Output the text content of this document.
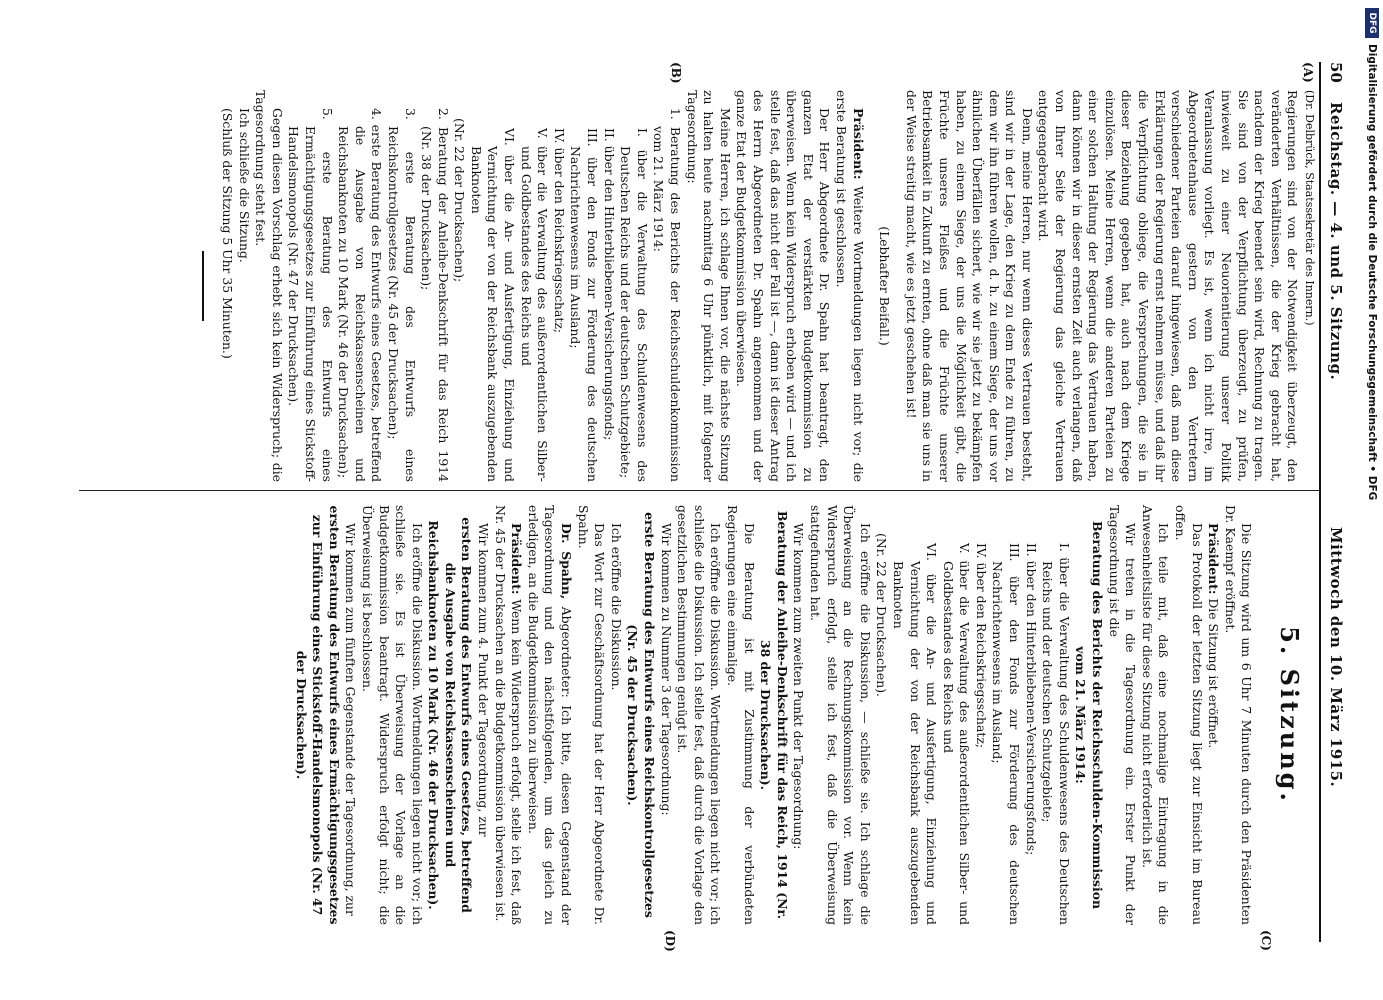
DFG
Digitalisierung gefördert durch die Deutsche Forschungsgemeinschaft • DFG
50
Reichstag. — 4. und 5. Sitzung.
Mittwoch den 10. März 1915.
(A)
(B)
(C)
(D)

(Dr. Delbrück, Staatssekretär des Innern.)

Regierungen sind von der Notwendigkeit überzeugt, den veränderten Verhältnissen, die der Krieg gebracht hat, nachdem der Krieg beendet sein wird, Rechnung zu tragen. Sie sind von der Verpflichtung überzeugt, zu prüfen, inwieweit zu einer Neuorientierung unserer Politik Veranlassung vorliegt. Es ist, wenn ich nicht irre, im Abgeordnetenhause gestern von den Vertretern verschiedener Parteien darauf hingewiesen, daß man diese Erklärungen der Regierung ernst nehmen müsse, und daß ihr die Verpflichtung obliege, die Versprechungen, die sie in dieser Beziehung gegeben hat, auch nach dem Kriege einzulösen. Meine Herren, wenn die anderen Parteien zu einer solchen Haltung der Regierung das Vertrauen haben, dann können wir in dieser ernsten Zeit auch verlangen, daß von Ihrer Seite der Regierung das gleiche Vertrauen entgegengebracht wird.

Denn, meine Herren, nur wenn dieses Vertrauen besteht, sind wir in der Lage, den Krieg zu dem Ende zu führen, zu dem wir ihn führen wollen, d. h. zu einem Siege, der uns vor ähnlichen Überfällen sichert, wie wir sie jetzt zu bekämpfen haben, zu einem Siege, der uns die Möglichkeit gibt, die Früchte unseres Fleißes und die Früchte unserer Betriebsamkeit in Zukunft zu ernten, ohne daß man sie uns in der Weise streitig macht, wie es jetzt geschehen ist!

(Lebhafter Beifall.)

Präsident: Weitere Wortmeldungen liegen nicht vor; die erste Beratung ist geschlossen.

Der Herr Abgeordnete Dr. Spahn hat beantragt, den ganzen Etat der verstärkten Budgetkommission zu überweisen. Wenn kein Widerspruch erhoben wird — und ich stelle fest, daß das nicht der Fall ist —, dann ist dieser Antrag des Herrn Abgeordneten Dr. Spahn angenommen und der ganze Etat der Budgetkommission überwiesen.

Meine Herren, ich schlage Ihnen vor, die nächste Sitzung zu halten heute nachmittag 6 Uhr pünktlich, mit folgender Tagesordnung:

1. Beratung des Berichts der Reichsschuldenkommission vom 21. März 1914:
I. über die Verwaltung des Schuldenwesens des Deutschen Reichs und der deutschen Schutzgebiete;
II. über den Hinterbliebenen-Versicherungsfonds;
III. über den Fonds zur Förderung des deutschen Nachrichtenwesens im Ausland;
IV. über den Reichskriegsschatz;
V. über die Verwaltung des außerordentlichen Silber- und Goldbestandes des Reichs und
VI. über die An- und Ausfertigung, Einziehung und Vernichtung der von der Reichsbank auszugebenden Banknoten
(Nr. 22 der Drucksachen);
2. Beratung der Anleihe-Denkschrift für das Reich 1914 (Nr. 38 der Drucksachen);
3. erste Beratung des Entwurfs eines Reichskontrollgesetzes (Nr. 45 der Drucksachen);
4. erste Beratung des Entwurfs eines Gesetzes, betreffend die Ausgabe von Reichskassenscheinen und Reichsbanknoten zu 10 Mark (Nr. 46 der Drucksachen);
5. erste Beratung des Entwurfs eines Ermächtigungsgesetzes zur Einführung eines Stickstoff-Handelsmonopols (Nr. 47 der Drucksachen).

Gegen diesen Vorschlag erhebt sich kein Widerspruch; die Tagesordnung steht fest.

Ich schließe die Sitzung.

(Schluß der Sitzung 5 Uhr 35 Minuten.)

5. Sitzung.

Die Sitzung wird um 6 Uhr 7 Minuten durch den Präsidenten Dr. Kaempf eröffnet.

Präsident: Die Sitzung ist eröffnet.

Das Protokoll der letzten Sitzung liegt zur Einsicht im Bureau offen.

Ich teile mit, daß eine nochmalige Eintragung in die Anwesenheitsliste für diese Sitzung nicht erforderlich ist.

Wir treten in die Tagesordnung ein. Erster Punkt der Tagesordnung ist die

Beratung des Berichts der Reichsschulden-Kommission vom 21. März 1914:

I. über die Verwaltung des Schuldenwesens des Deutschen Reichs und der deutschen Schutzgebiete;
II. über den Hinterbliebenen-Versicherungsfonds;
III. über den Fonds zur Förderung des deutschen Nachrichtenwesens im Ausland;
IV. über den Reichskriegsschatz;
V. über die Verwaltung des außerordentlichen Silber- und Goldbestandes des Reichs und
VI. über die An- und Ausfertigung, Einziehung und Vernichtung der von der Reichsbank auszugebenden Banknoten
(Nr. 22 der Drucksachen).

Ich eröffne die Diskussion, — schließe sie. Ich schlage die Überweisung an die Rechnungskommission vor. Wenn kein Widerspruch erfolgt, stelle ich fest, daß die Überweisung stattgefunden hat.

Wir kommen zum zweiten Punkt der Tagesordnung:

Beratung der Anleihe-Denkschrift für das Reich, 1914 (Nr. 38 der Drucksachen).

Die Beratung ist mit Zustimmung der verbündeten Regierungen eine einmalige.

Ich eröffne die Diskussion. Wortmeldungen liegen nicht vor; ich schließe die Diskussion. Ich stelle fest, daß durch die Vorlage den gesetzlichen Bestimmungen genügt ist.

Wir kommen zu Nummer 3 der Tagesordnung:

erste Beratung des Entwurfs eines Reichskontrollgesetzes (Nr. 45 der Drucksachen).

Ich eröffne die Diskussion.

Das Wort zur Geschäftsordnung hat der Herr Abgeordnete Dr. Spahn.

Dr. Spahn, Abgeordneter: Ich bitte, diesen Gegenstand der Tagesordnung und den nächstfolgenden, um das gleich zu erledigen, an die Budgetkommission zu überweisen.

Präsident: Wenn kein Widerspruch erfolgt, stelle ich fest, daß Nr. 45 der Drucksachen an die Budgetkommission überwiesen ist.

Wir kommen zum 4. Punkt der Tagesordnung, zur

ersten Beratung des Entwurfs eines Gesetzes, betreffend die Ausgabe von Reichskassenscheinen und Reichsbanknoten zu 10 Mark (Nr. 46 der Drucksachen).

Ich eröffne die Diskussion. Wortmeldungen liegen nicht vor; ich schließe sie. Es ist Überweisung der Vorlage an die Budgetkommission beantragt. Widerspruch erfolgt nicht; die Überweisung ist beschlossen.

Wir kommen zum fünften Gegenstande der Tagesordnung, zur

ersten Beratung des Entwurfs eines Ermächtigungsgesetzes zur Einführung eines Stickstoff-Handelsmonopols (Nr. 47 der Drucksachen).
